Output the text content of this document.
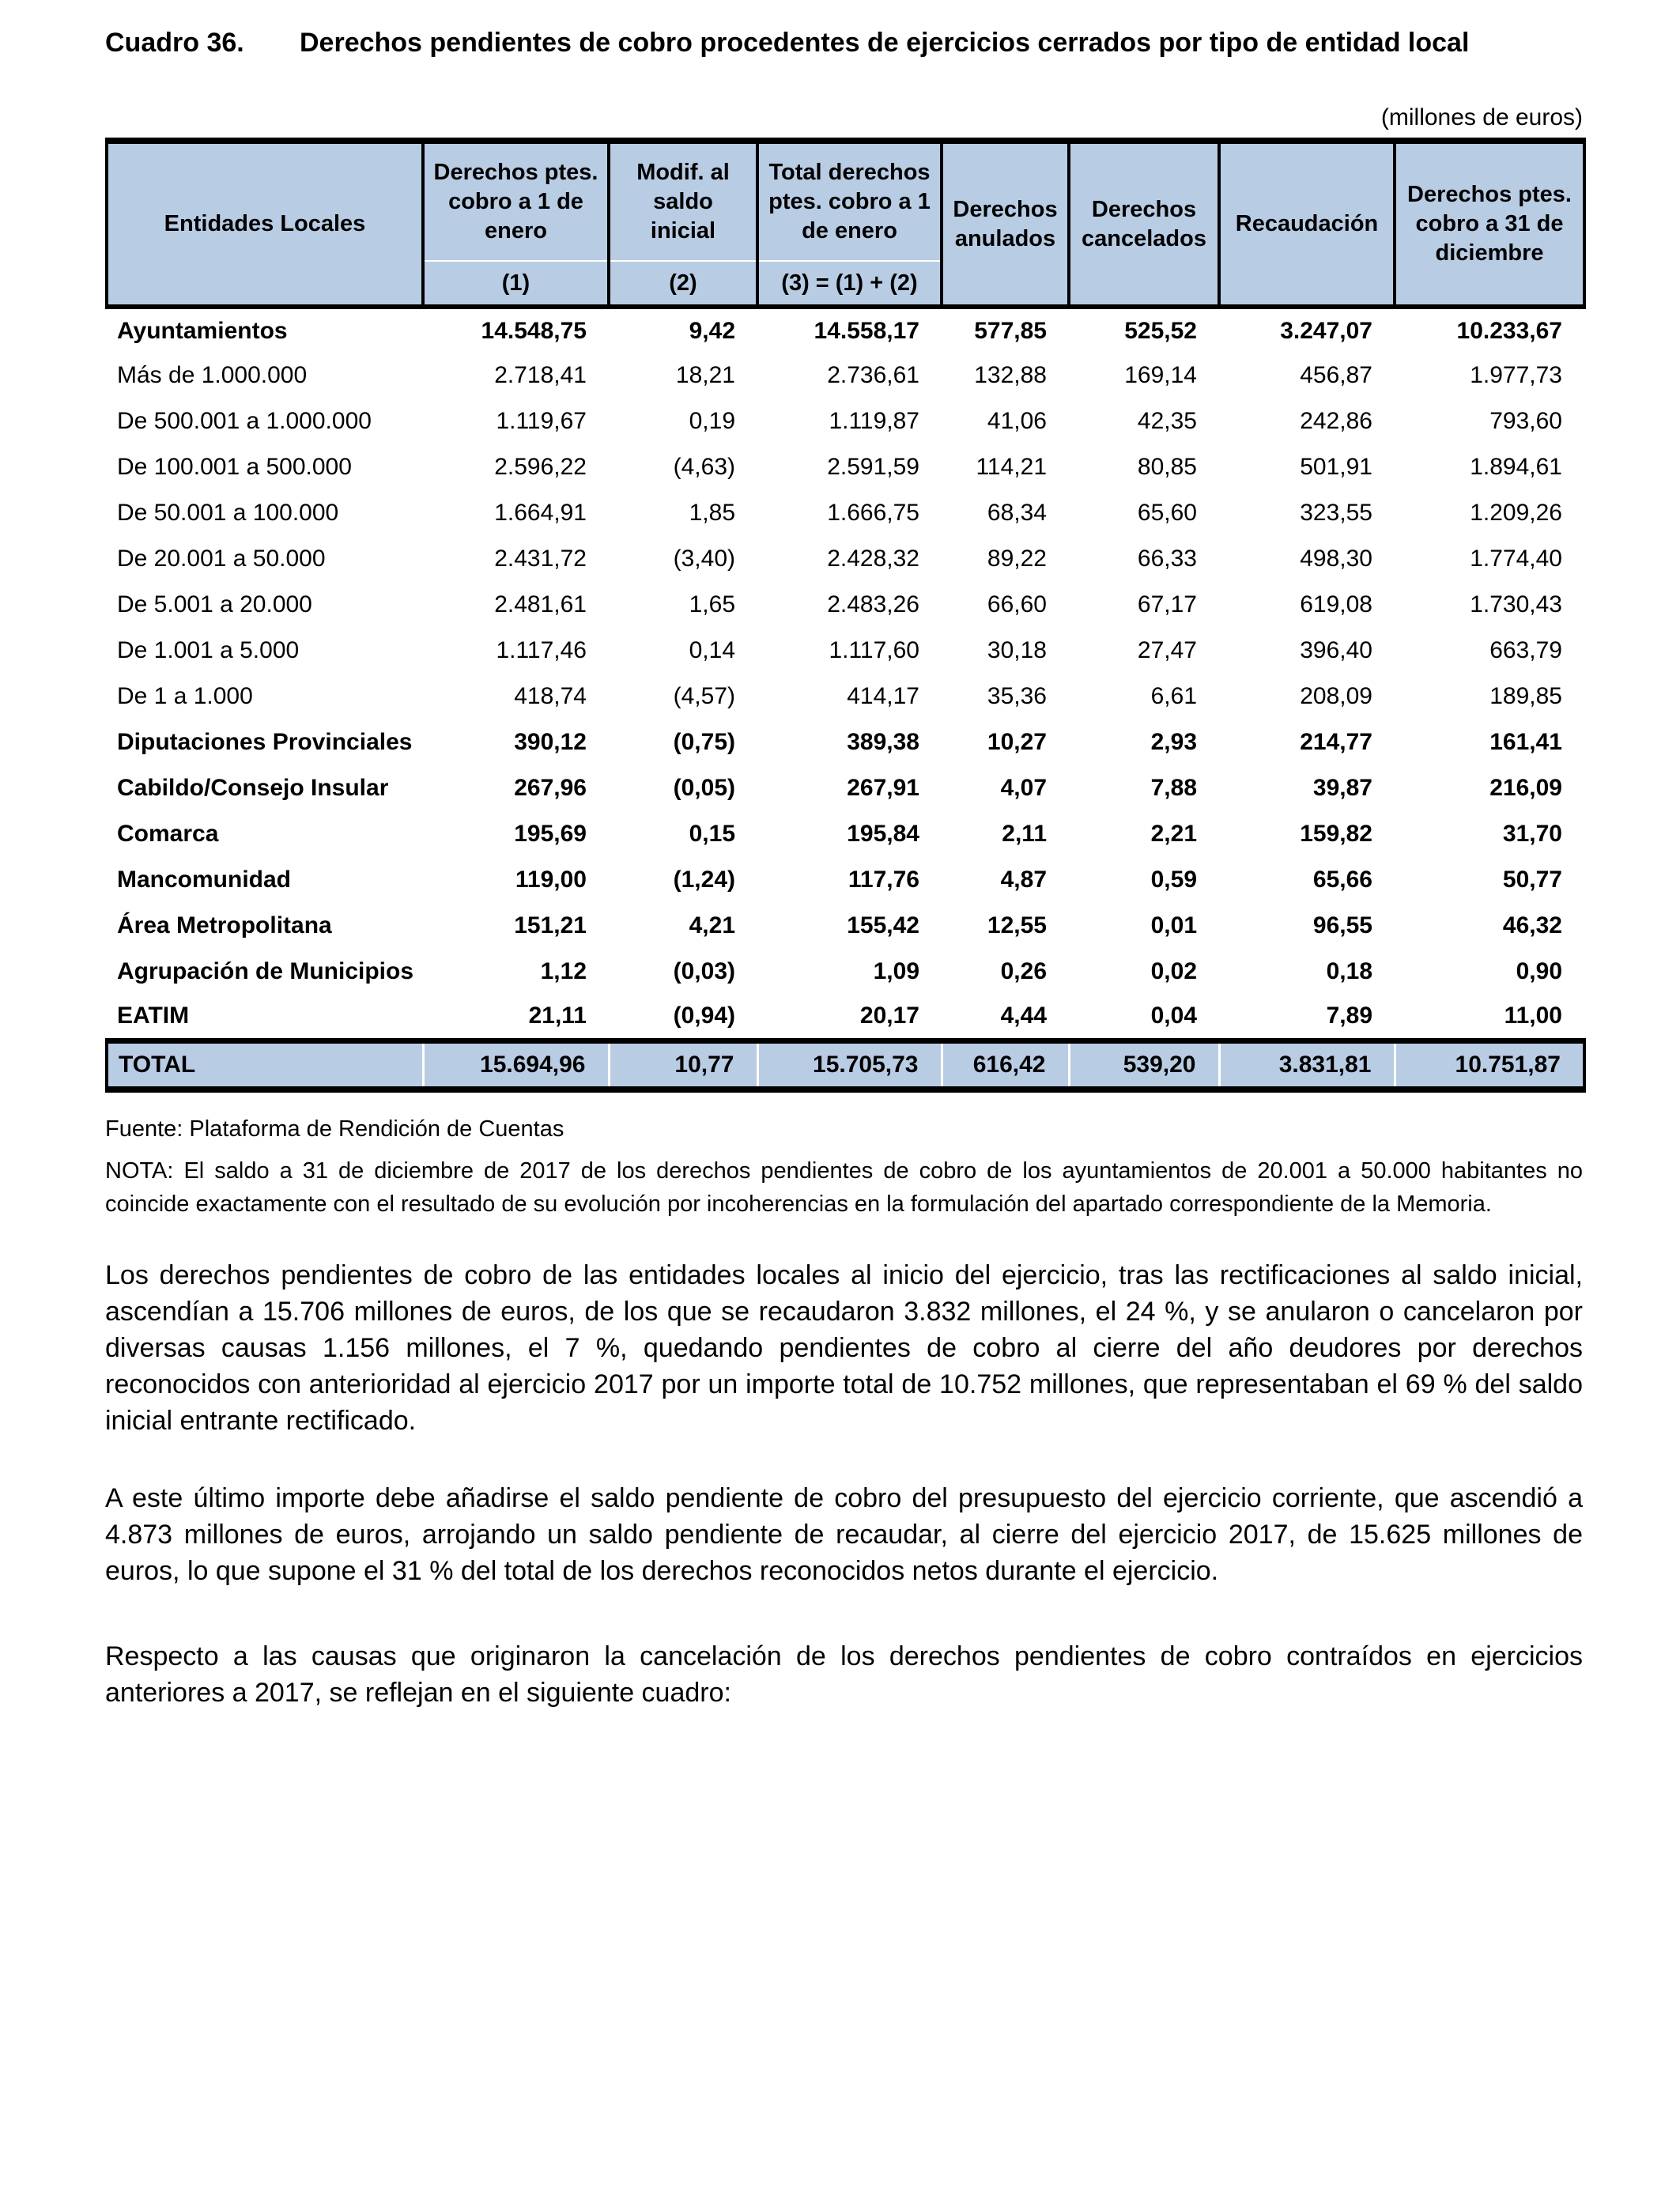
Cuadro 36.	Derechos pendientes de cobro procedentes de ejercicios cerrados por tipo de entidad local
(millones de euros)
Entidades Locales	Derechos ptes. cobro a 1 de enero	Modif. al saldo inicial	Total derechos ptes. cobro a 1 de enero	Derechos anulados	Derechos cancelados	Recaudación	Derechos ptes. cobro a 31 de diciembre
	(1)	(2)	(3) = (1) + (2)				
Ayuntamientos	14.548,75	9,42	14.558,17	577,85	525,52	3.247,07	10.233,67
Más de 1.000.000	2.718,41	18,21	2.736,61	132,88	169,14	456,87	1.977,73
De 500.001 a 1.000.000	1.119,67	0,19	1.119,87	41,06	42,35	242,86	793,60
De 100.001 a 500.000	2.596,22	(4,63)	2.591,59	114,21	80,85	501,91	1.894,61
De 50.001 a 100.000	1.664,91	1,85	1.666,75	68,34	65,60	323,55	1.209,26
De 20.001 a 50.000	2.431,72	(3,40)	2.428,32	89,22	66,33	498,30	1.774,40
De 5.001 a 20.000	2.481,61	1,65	2.483,26	66,60	67,17	619,08	1.730,43
De 1.001 a 5.000	1.117,46	0,14	1.117,60	30,18	27,47	396,40	663,79
De 1 a 1.000	418,74	(4,57)	414,17	35,36	6,61	208,09	189,85
Diputaciones Provinciales	390,12	(0,75)	389,38	10,27	2,93	214,77	161,41
Cabildo/Consejo Insular	267,96	(0,05)	267,91	4,07	7,88	39,87	216,09
Comarca	195,69	0,15	195,84	2,11	2,21	159,82	31,70
Mancomunidad	119,00	(1,24)	117,76	4,87	0,59	65,66	50,77
Área Metropolitana	151,21	4,21	155,42	12,55	0,01	96,55	46,32
Agrupación de Municipios	1,12	(0,03)	1,09	0,26	0,02	0,18	0,90
EATIM	21,11	(0,94)	20,17	4,44	0,04	7,89	11,00
TOTAL	15.694,96	10,77	15.705,73	616,42	539,20	3.831,81	10.751,87
Fuente: Plataforma de Rendición de Cuentas
NOTA: El saldo a 31 de diciembre de 2017 de los derechos pendientes de cobro de los ayuntamientos de 20.001 a 50.000 habitantes no coincide exactamente con el resultado de su evolución por incoherencias en la formulación del apartado correspondiente de la Memoria.

Los derechos pendientes de cobro de las entidades locales al inicio del ejercicio, tras las rectificaciones al saldo inicial, ascendían a 15.706 millones de euros, de los que se recaudaron 3.832 millones, el 24 %, y se anularon o cancelaron por diversas causas 1.156 millones, el 7 %, quedando pendientes de cobro al cierre del año deudores por derechos reconocidos con anterioridad al ejercicio 2017 por un importe total de 10.752 millones, que representaban el 69 % del saldo inicial entrante rectificado.

A este último importe debe añadirse el saldo pendiente de cobro del presupuesto del ejercicio corriente, que ascendió a 4.873 millones de euros, arrojando un saldo pendiente de recaudar, al cierre del ejercicio 2017, de 15.625 millones de euros, lo que supone el 31 % del total de los derechos reconocidos netos durante el ejercicio.

Respecto a las causas que originaron la cancelación de los derechos pendientes de cobro contraídos en ejercicios anteriores a 2017, se reflejan en el siguiente cuadro:
